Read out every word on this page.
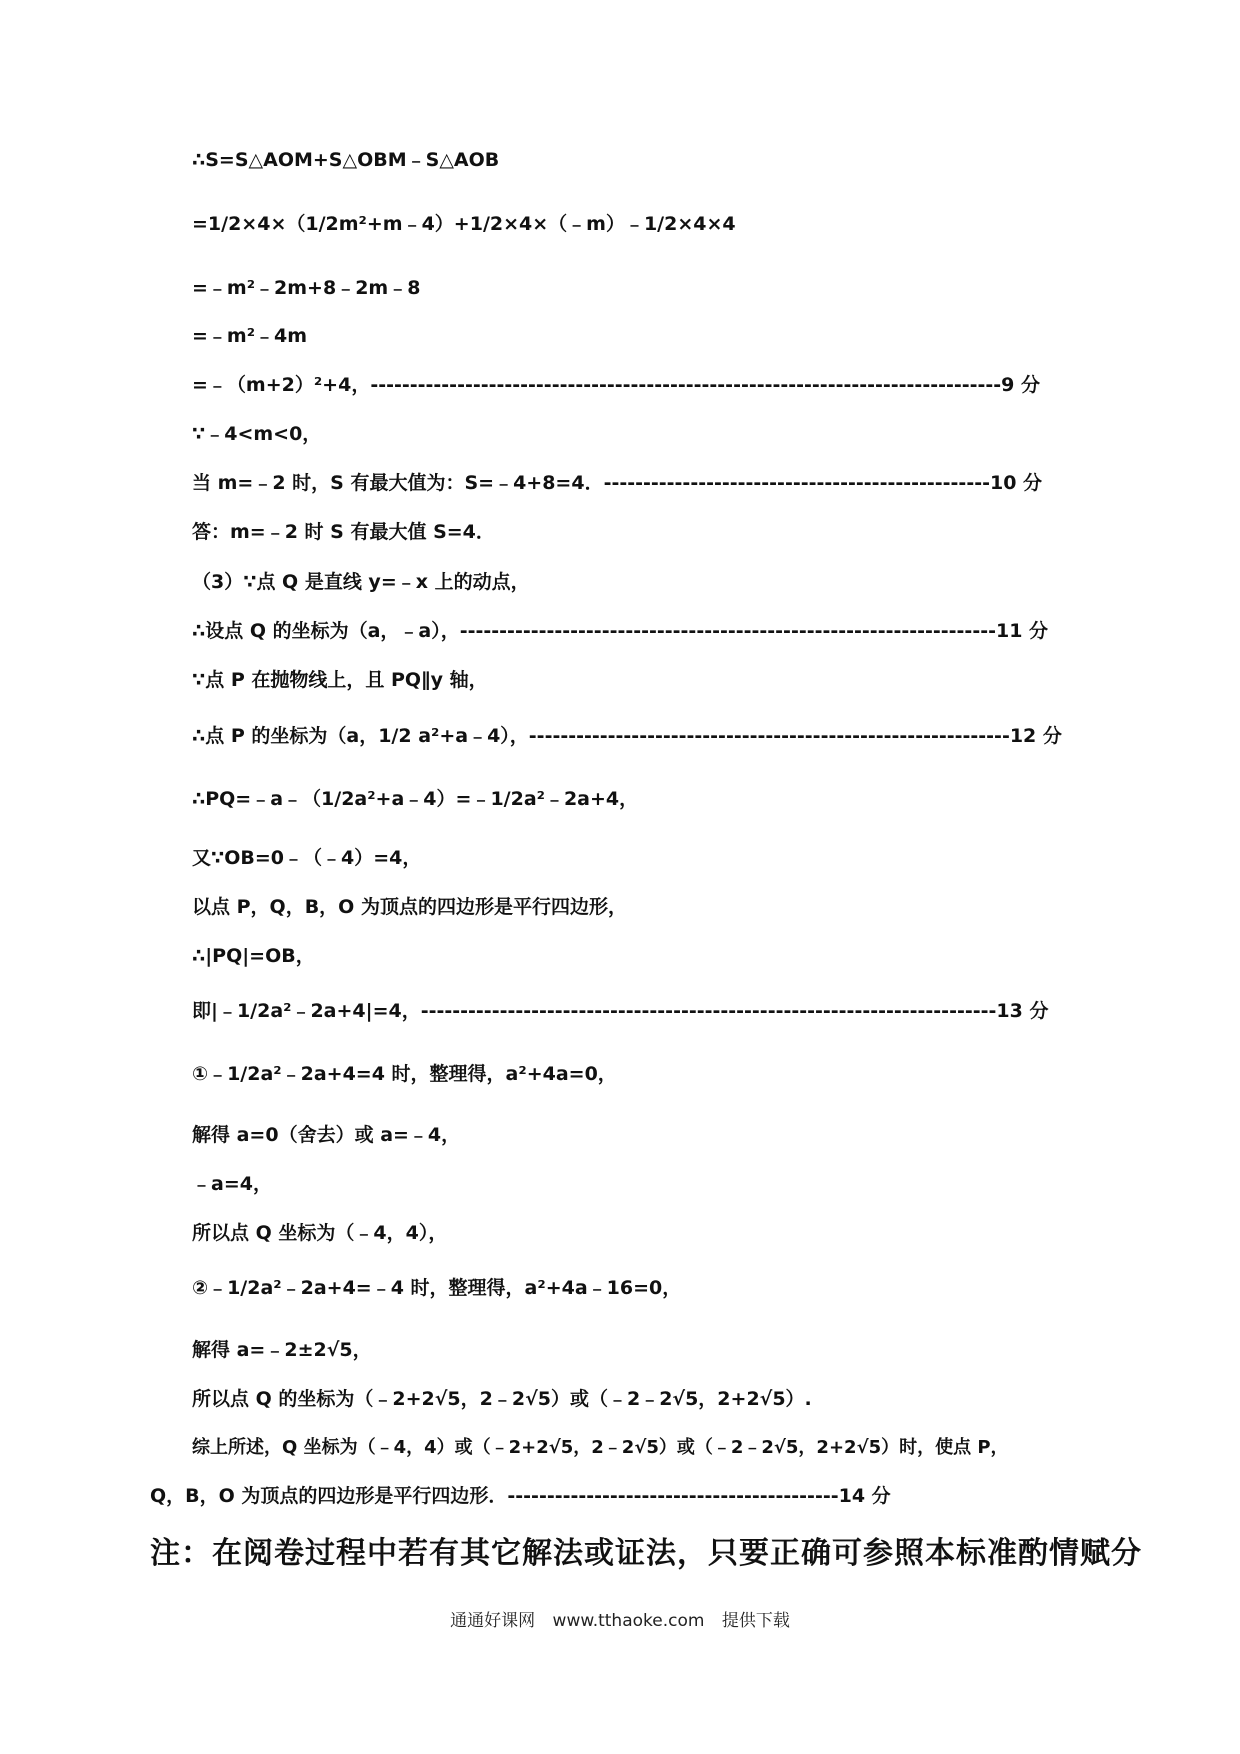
∴S=S△AOM+S△OBM﹣S△AOB
=1/2×4×（1/2m²+m﹣4）+1/2×4×（﹣m）﹣1/2×4×4
=﹣m²﹣2m+8﹣2m﹣8
=﹣m²﹣4m
=﹣（m+2）²+4，--------------------------------------------------------------------------------9 分
∵﹣4<m<0，
当 m=﹣2 时，S 有最大值为：S=﹣4+8=4．-------------------------------------------------10 分
答：m=﹣2 时 S 有最大值 S=4．
（3）∵点 Q 是直线 y=﹣x 上的动点，
∴设点 Q 的坐标为（a，﹣a），--------------------------------------------------------------------11 分
∵点 P 在抛物线上，且 PQ∥y 轴，
∴点 P 的坐标为（a，1/2 a²+a﹣4），-------------------------------------------------------------12 分
∴PQ=﹣a﹣（1/2a²+a﹣4）=﹣1/2a²﹣2a+4，
又∵OB=0﹣（﹣4）=4，
以点 P，Q，B，O 为顶点的四边形是平行四边形，
∴|PQ|=OB，
即|﹣1/2a²﹣2a+4|=4，-------------------------------------------------------------------------13 分
①﹣1/2a²﹣2a+4=4 时，整理得，a²+4a=0，
解得 a=0（舍去）或 a=﹣4，
﹣a=4，
所以点 Q 坐标为（﹣4，4），
②﹣1/2a²﹣2a+4=﹣4 时，整理得，a²+4a﹣16=0，
解得 a=﹣2±2√5，
所以点 Q 的坐标为（﹣2+2√5，2﹣2√5）或（﹣2﹣2√5，2+2√5）.
综上所述，Q 坐标为（﹣4，4）或（﹣2+2√5，2﹣2√5）或（﹣2﹣2√5，2+2√5）时，使点 P，
Q，B，O 为顶点的四边形是平行四边形．------------------------------------------14 分
注：在阅卷过程中若有其它解法或证法，只要正确可参照本标准酌情赋分
通通好课网 www.tthaoke.com 提供下载
